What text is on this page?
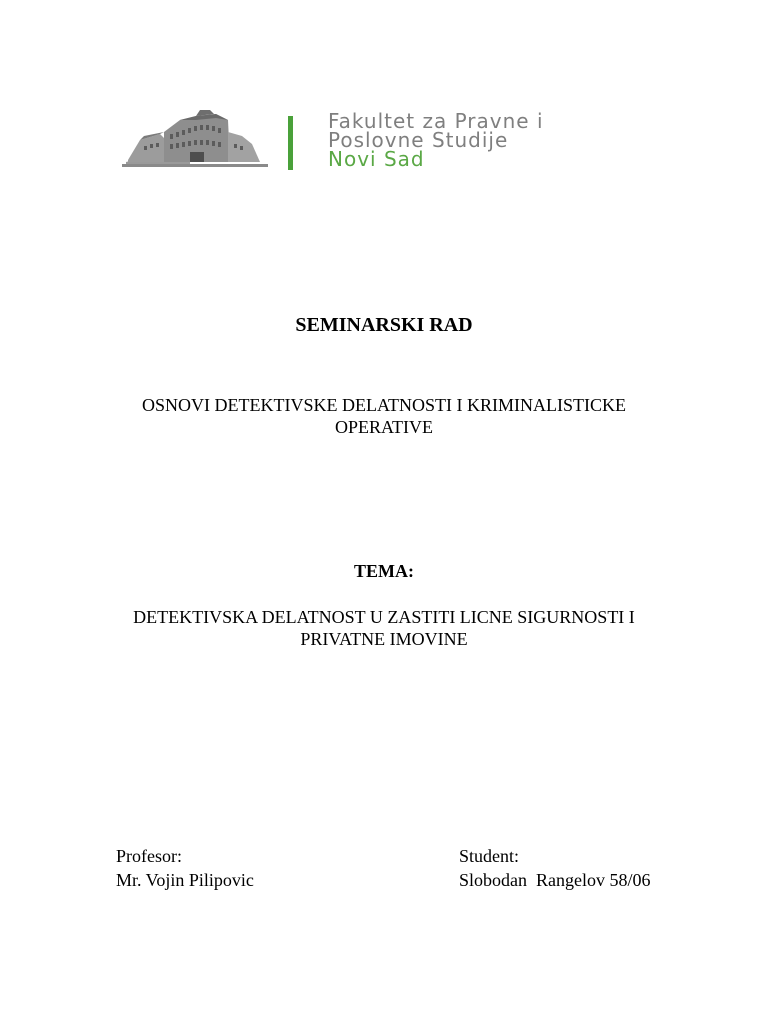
Fakultet za Pravne i
Poslovne Studije
Novi Sad
SEMINARSKI RAD
OSNOVI DETEKTIVSKE DELATNOSTI I KRIMINALISTICKE
OPERATIVE
TEMA:
DETEKTIVSKA DELATNOST U ZASTITI LICNE SIGURNOSTI I
PRIVATNE IMOVINE
Profesor:
Mr. Vojin Pilipovic
Student:
Slobodan  Rangelov 58/06
